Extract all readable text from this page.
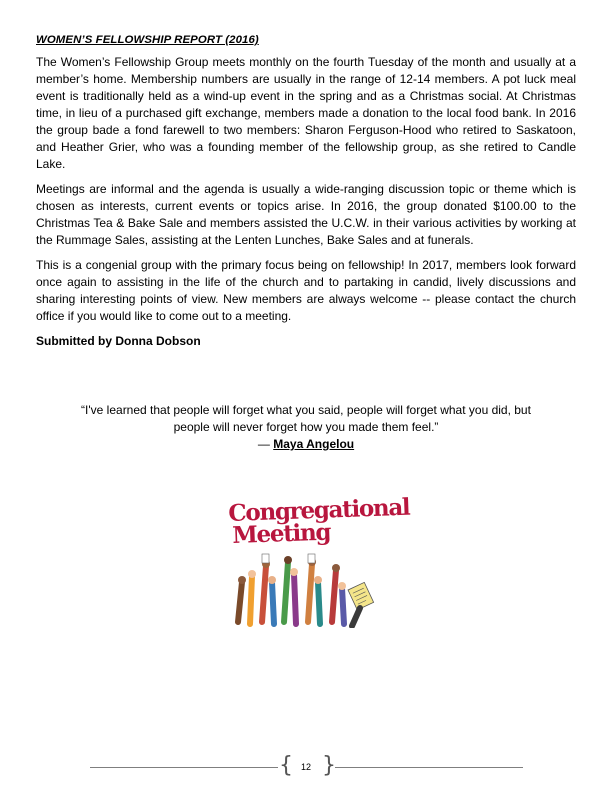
WOMEN’S FELLOWSHIP REPORT (2016)

The Women’s Fellowship Group meets monthly on the fourth Tuesday of the month and usually at a member’s home. Membership numbers are usually in the range of 12-14 members. A pot luck meal event is traditionally held as a wind-up event in the spring and as a Christmas social. At Christmas time, in lieu of a purchased gift exchange, members made a donation to the local food bank. In 2016 the group bade a fond farewell to two members: Sharon Ferguson-Hood who retired to Saskatoon, and Heather Grier, who was a founding member of the fellowship group, as she retired to Candle Lake.

Meetings are informal and the agenda is usually a wide-ranging discussion topic or theme which is chosen as interests, current events or topics arise. In 2016, the group donated $100.00 to the Christmas Tea & Bake Sale and members assisted the U.C.W. in their various activities by working at the Rummage Sales, assisting at the Lenten Lunches, Bake Sales and at funerals.

This is a congenial group with the primary focus being on fellowship! In 2017, members look forward once again to assisting in the life of the church and to partaking in candid, lively discussions and sharing interesting points of view. New members are always welcome -- please contact the church office if you would like to come out to a meeting.

Submitted by Donna Dobson

“I've learned that people will forget what you said, people will forget what you did, but people will never forget how you made them feel.”

— Maya Angelou

Congregational
Meeting
{ 12 }
